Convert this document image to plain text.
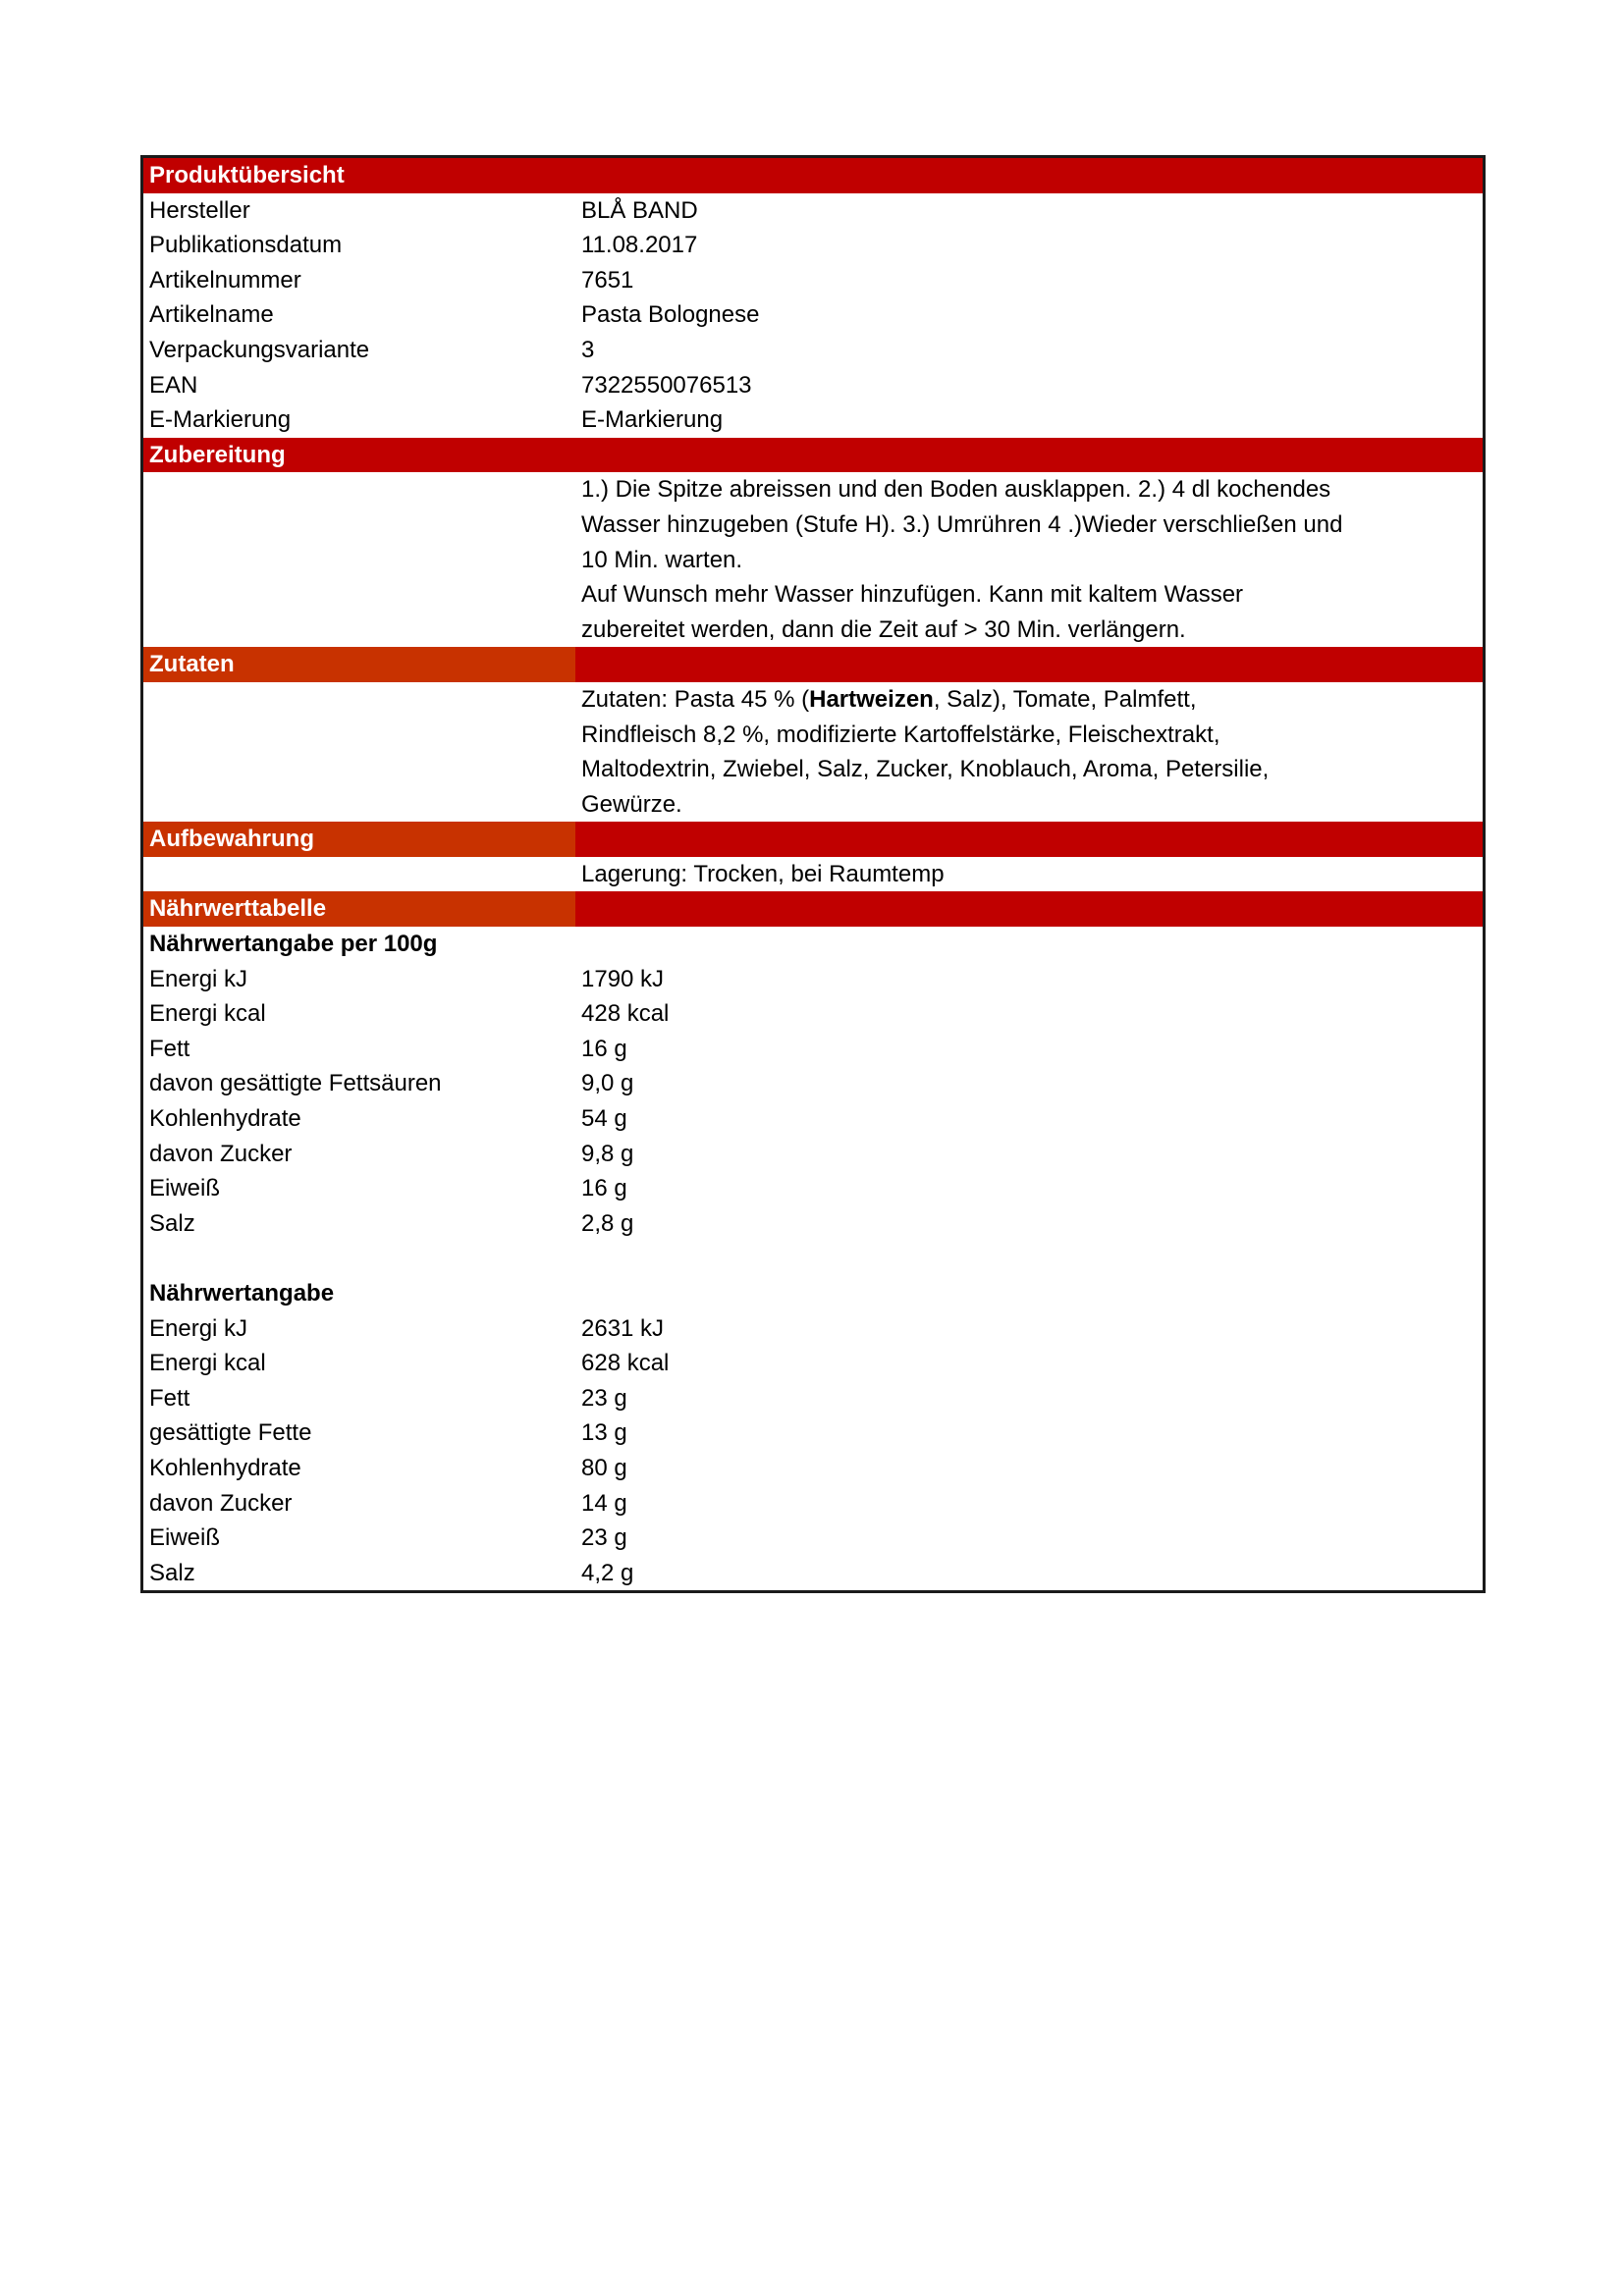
Produktübersicht
Hersteller	BLÅ BAND
Publikationsdatum	11.08.2017
Artikelnummer	7651
Artikelname	Pasta Bolognese
Verpackungsvariante	3
EAN	7322550076513
E-Markierung	E-Markierung
Zubereitung
1.) Die Spitze abreissen und den Boden ausklappen. 2.) 4 dl kochendes
Wasser hinzugeben (Stufe H). 3.) Umrühren 4 .)Wieder verschließen und
10 Min. warten.
Auf Wunsch mehr Wasser hinzufügen. Kann mit kaltem Wasser
zubereitet werden, dann die Zeit auf > 30 Min. verlängern.
Zutaten
Zutaten: Pasta 45 % (Hartweizen, Salz), Tomate, Palmfett,
Rindfleisch 8,2 %, modifizierte Kartoffelstärke, Fleischextrakt,
Maltodextrin, Zwiebel, Salz, Zucker, Knoblauch, Aroma, Petersilie,
Gewürze.
Aufbewahrung
Lagerung: Trocken, bei Raumtemp
Nährwerttabelle
Nährwertangabe per 100g
Energi kJ	1790 kJ
Energi kcal	428 kcal
Fett	16 g
davon gesättigte Fettsäuren	9,0 g
Kohlenhydrate	54 g
davon Zucker	9,8 g
Eiweiß	16 g
Salz	2,8 g
Nährwertangabe
Energi kJ	2631 kJ
Energi kcal	628 kcal
Fett	23 g
gesättigte Fette	13 g
Kohlenhydrate	80 g
davon Zucker	14 g
Eiweiß	23 g
Salz	4,2 g
